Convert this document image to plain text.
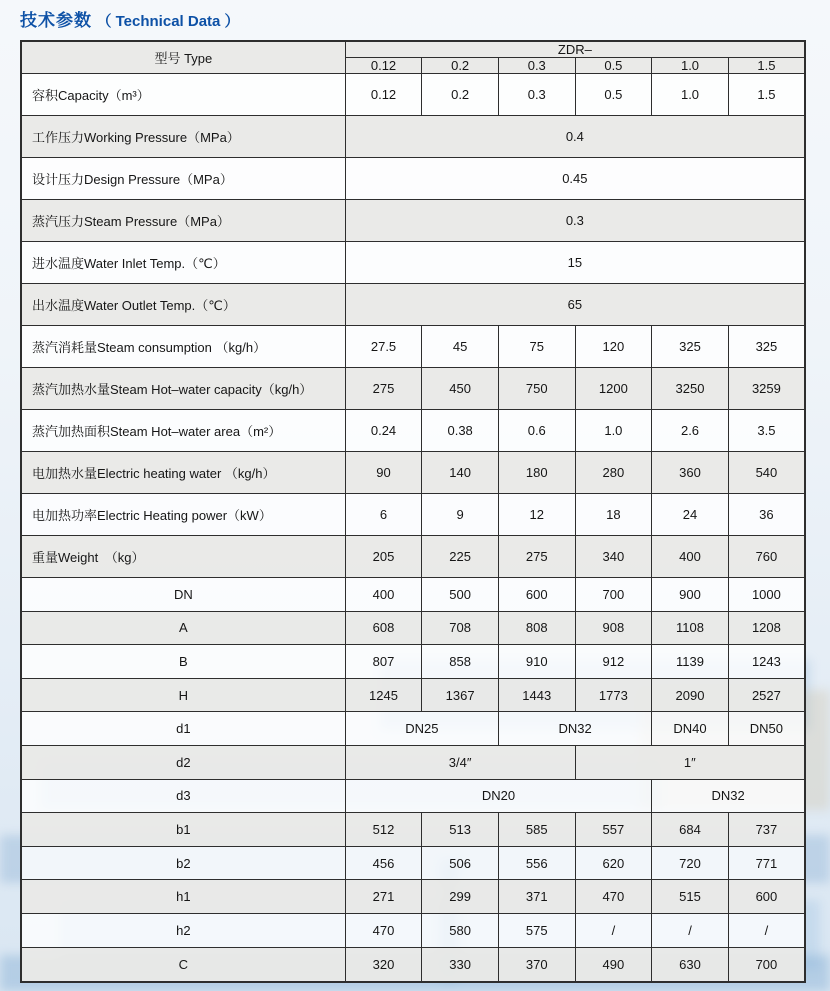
技术参数 （ Technical Data ）
型号 Type	ZDR–					
	0.12	0.2	0.3	0.5	1.0	1.5
容积Capacity（m³）	0.12	0.2	0.3	0.5	1.0	1.5
工作压力Working Pressure（MPa）	0.4					
设计压力Design Pressure（MPa）	0.45					
蒸汽压力Steam Pressure（MPa）	0.3					
进水温度Water Inlet Temp.（℃）	15					
出水温度Water Outlet Temp.（℃）	65					
蒸汽消耗量Steam consumption （kg/h）	27.5	45	75	120	325	325
蒸汽加热水量Steam Hot–water capacity（kg/h）	275	450	750	1200	3250	3259
蒸汽加热面积Steam Hot–water area（m²）	0.24	0.38	0.6	1.0	2.6	3.5
电加热水量Electric heating water （kg/h）	90	140	180	280	360	540
电加热功率Electric Heating power（kW）	6	9	12	18	24	36
重量Weight　（kg）	205	225	275	340	400	760
DN	400	500	600	700	900	1000
A	608	708	808	908	1108	1208
B	807	858	910	912	1139	1243
H	1245	1367	1443	1773	2090	2527
d1	DN25		DN32		DN40	DN50
d2	3/4″			1″		
d3	DN20				DN32	
b1	512	513	585	557	684	737
b2	456	506	556	620	720	771
h1	271	299	371	470	515	600
h2	470	580	575	/	/	/
C	320	330	370	490	630	700
